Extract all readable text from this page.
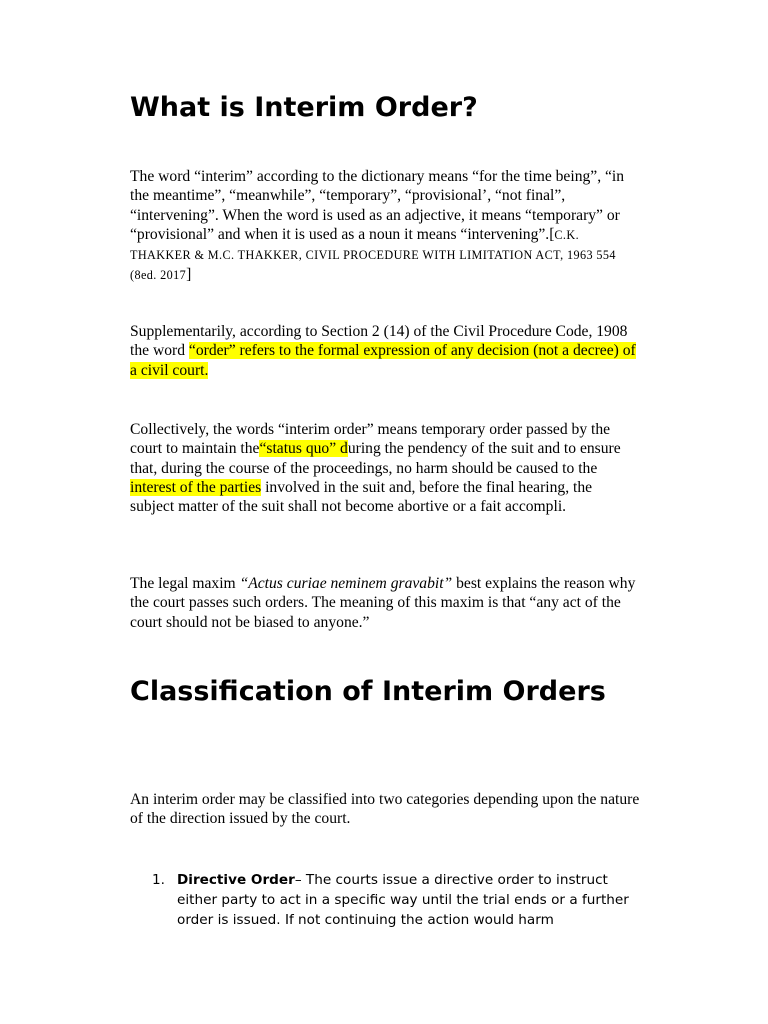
What is Interim Order?

The word “interim” according to the dictionary means “for the time being”, “in the meantime”, “meanwhile”, “temporary”, “provisional’, “not final”, “intervening”. When the word is used as an adjective, it means “temporary” or “provisional” and when it is used as a noun it means “intervening”.[C.K. THAKKER & M.C. THAKKER, CIVIL PROCEDURE WITH LIMITATION ACT, 1963 554 (8ed. 2017]

Supplementarily, according to Section 2 (14) of the Civil Procedure Code, 1908 the word “order” refers to the formal expression of any decision (not a decree) of a civil court.

Collectively, the words “interim order” means temporary order passed by the court to maintain the“status quo” during the pendency of the suit and to ensure that, during the course of the proceedings, no harm should be caused to the interest of the parties involved in the suit and, before the final hearing, the subject matter of the suit shall not become abortive or a fait accompli.

The legal maxim “Actus curiae neminem gravabit” best explains the reason why the court passes such orders. The meaning of this maxim is that “any act of the court should not be biased to anyone.”

Classification of Interim Orders

An interim order may be classified into two categories depending upon the nature of the direction issued by the court.

1. Directive Order– The courts issue a directive order to instruct either party to act in a specific way until the trial ends or a further order is issued. If not continuing the action would harm
